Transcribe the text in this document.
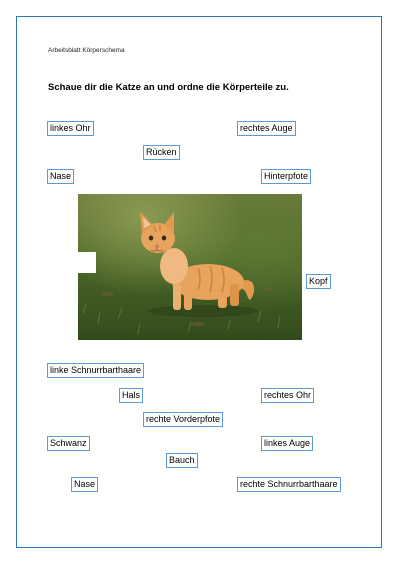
Arbeitsblatt Körperschema
Schaue dir die Katze an und ordne die Körperteile zu.
linkes Ohr	rechtes Auge
Rücken
Nase	Hinterpfote
Kopf
linke Schnurrbarthaare
Hals	rechtes Ohr
rechte Vorderpfote
Schwanz	linkes Auge
Bauch
Nase	rechte Schnurrbarthaare
